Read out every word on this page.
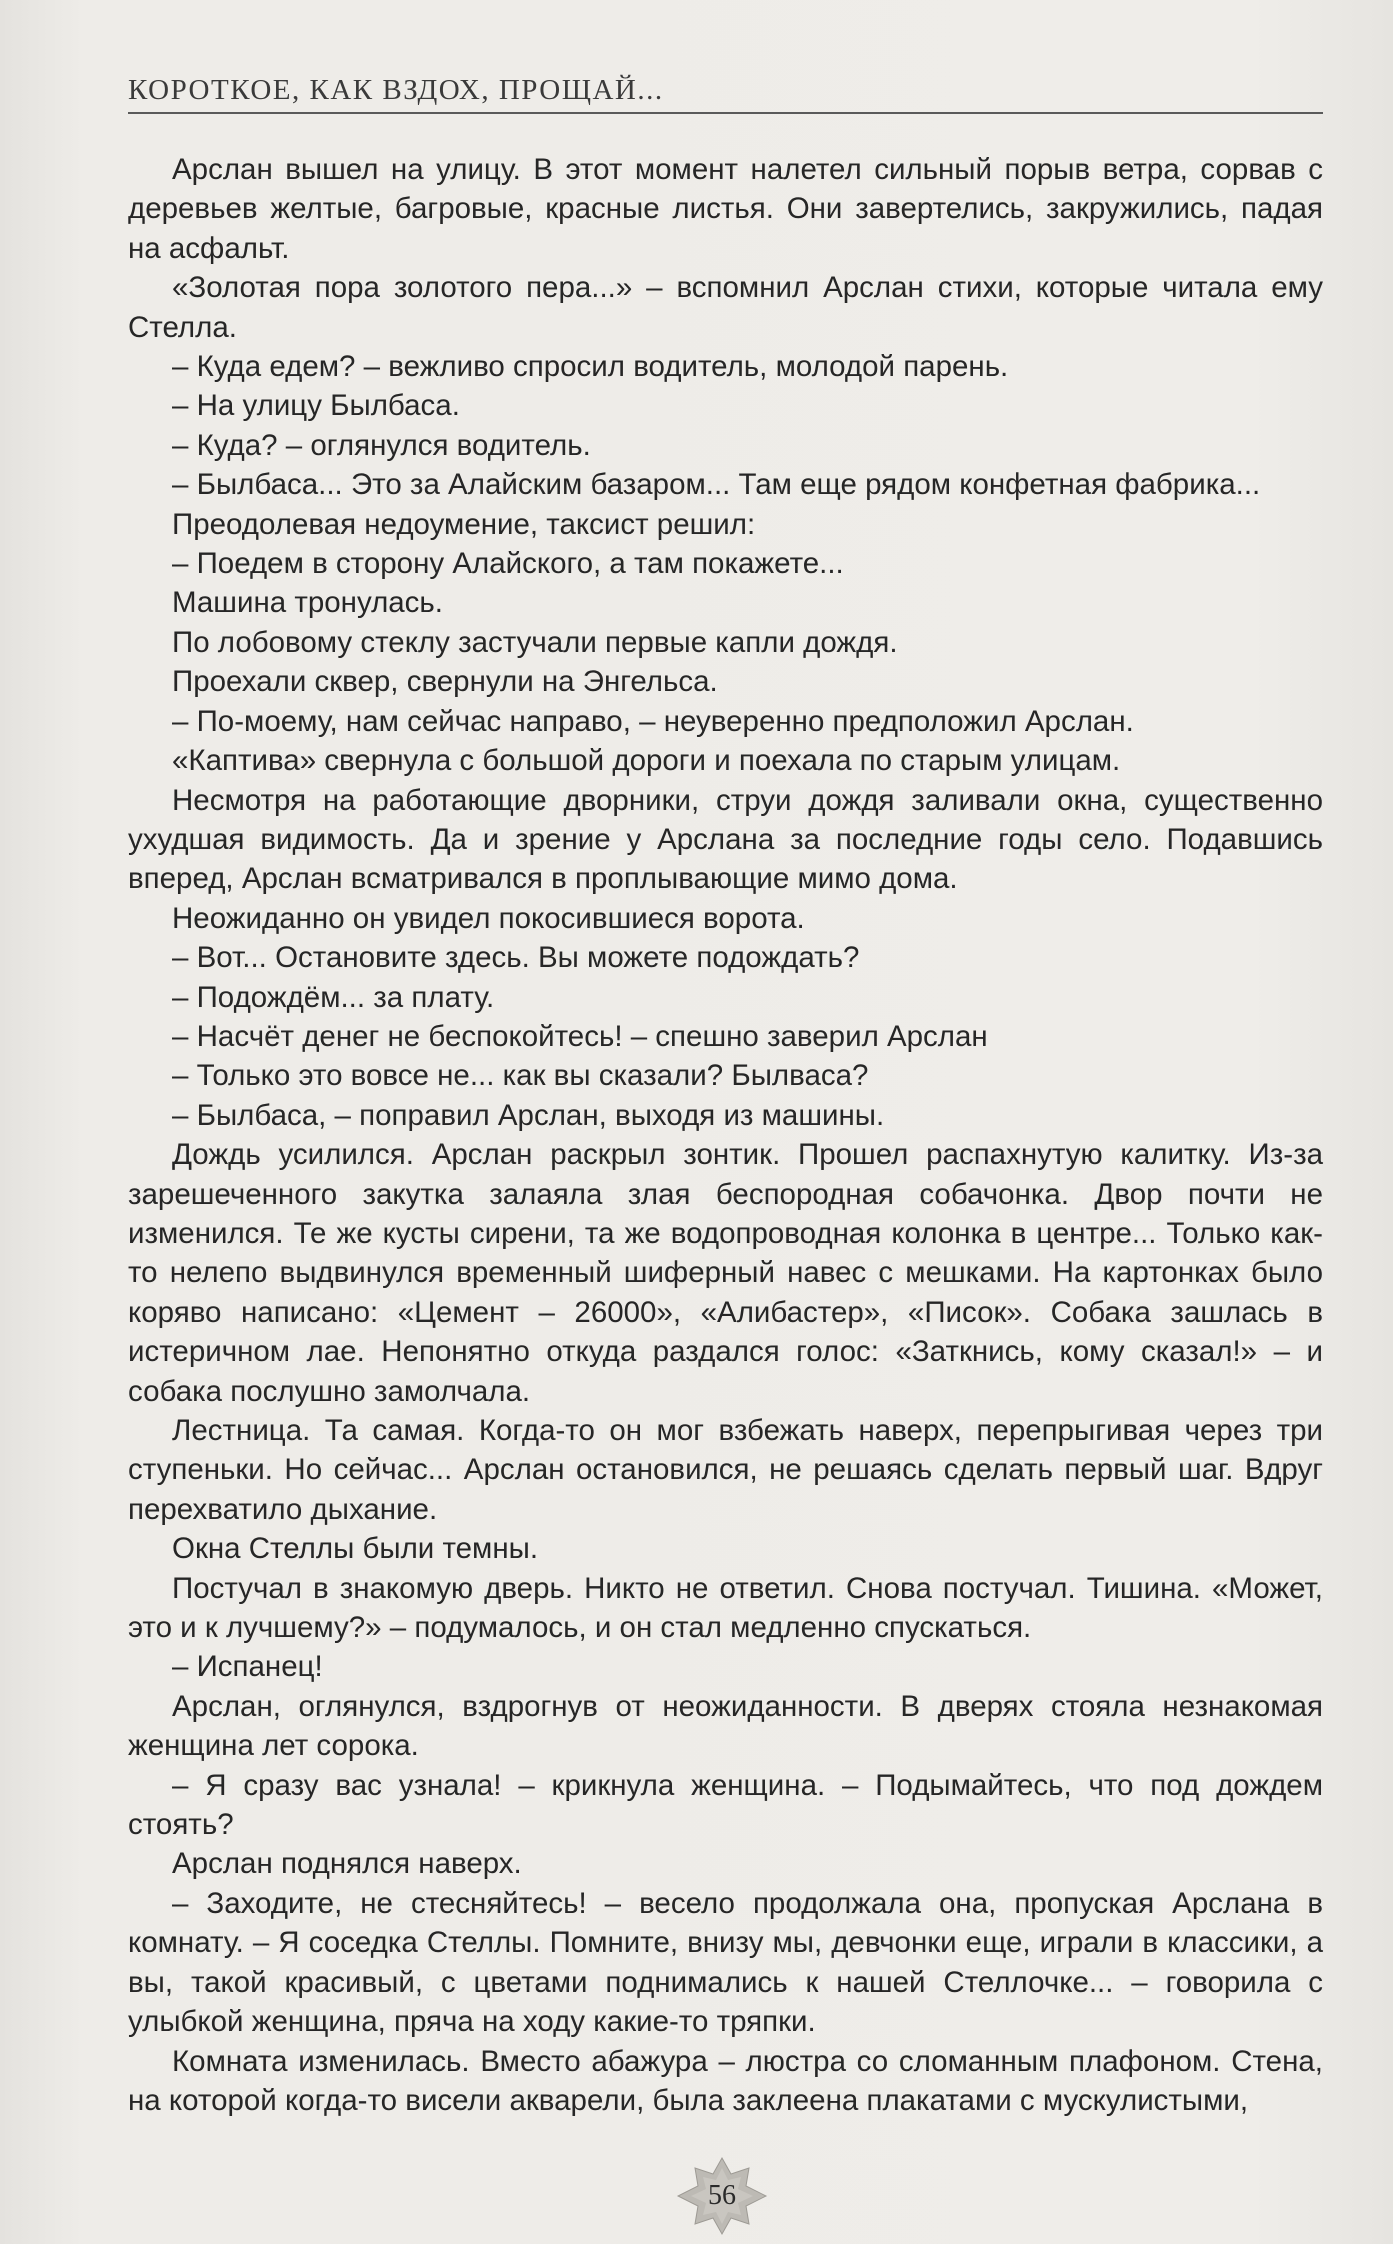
КОРОТКОЕ, КАК ВЗДОХ, ПРОЩАЙ...

Арслан вышел на улицу. В этот момент налетел сильный порыв ветра, сорвав с деревьев желтые, багровые, красные листья. Они завертелись, закружились, падая на асфальт.

«Золотая пора золотого пера...» – вспомнил Арслан стихи, которые читала ему Стелла.

– Куда едем? – вежливо спросил водитель, молодой парень.

– На улицу Былбаса.

– Куда? – оглянулся водитель.

– Былбаса... Это за Алайским базаром... Там еще рядом конфетная фабрика...

Преодолевая недоумение, таксист решил:

– Поедем в сторону Алайского, а там покажете...

Машина тронулась.

По лобовому стеклу застучали первые капли дождя.

Проехали сквер, свернули на Энгельса.

– По-моему, нам сейчас направо, – неуверенно предположил Арслан.

«Каптива» свернула с большой дороги и поехала по старым улицам.

Несмотря на работающие дворники, струи дождя заливали окна, существенно ухудшая видимость. Да и зрение у Арслана за последние годы село. Подавшись вперед, Арслан всматривался в проплывающие мимо дома.

Неожиданно он увидел покосившиеся ворота.

– Вот... Остановите здесь. Вы можете подождать?

– Подождём... за плату.

– Насчёт денег не беспокойтесь! – спешно заверил Арслан

– Только это вовсе не... как вы сказали? Былваса?

– Былбаса, – поправил Арслан, выходя из машины.

Дождь усилился. Арслан раскрыл зонтик. Прошел распахнутую калитку. Из-за зарешеченного закутка залаяла злая беспородная собачонка. Двор почти не изменился. Те же кусты сирени, та же водопроводная колонка в центре... Только как-то нелепо выдвинулся временный шиферный навес с мешками. На картонках было коряво написано: «Цемент – 26000», «Алибастер», «Писок». Собака зашлась в истеричном лае. Непонятно откуда раздался голос: «Заткнись, кому сказал!» – и собака послушно замолчала.

Лестница. Та самая. Когда-то он мог взбежать наверх, перепрыгивая через три ступеньки. Но сейчас... Арслан остановился, не решаясь сделать первый шаг. Вдруг перехватило дыхание.

Окна Стеллы были темны.

Постучал в знакомую дверь. Никто не ответил. Снова постучал. Тишина. «Может, это и к лучшему?» – подумалось, и он стал медленно спускаться.

– Испанец!

Арслан, оглянулся, вздрогнув от неожиданности. В дверях стояла незнакомая женщина лет сорока.

– Я сразу вас узнала! – крикнула женщина. – Подымайтесь, что под дождем стоять?

Арслан поднялся наверх.

– Заходите, не стесняйтесь! – весело продолжала она, пропуская Арслана в комнату. – Я соседка Стеллы. Помните, внизу мы, девчонки еще, играли в классики, а вы, такой красивый, с цветами поднимались к нашей Стеллочке... – говорила с улыбкой женщина, пряча на ходу какие-то тряпки.

Комната изменилась. Вместо абажура – люстра со сломанным плафоном. Стена, на которой когда-то висели акварели, была заклеена плакатами с мускулистыми,

56
